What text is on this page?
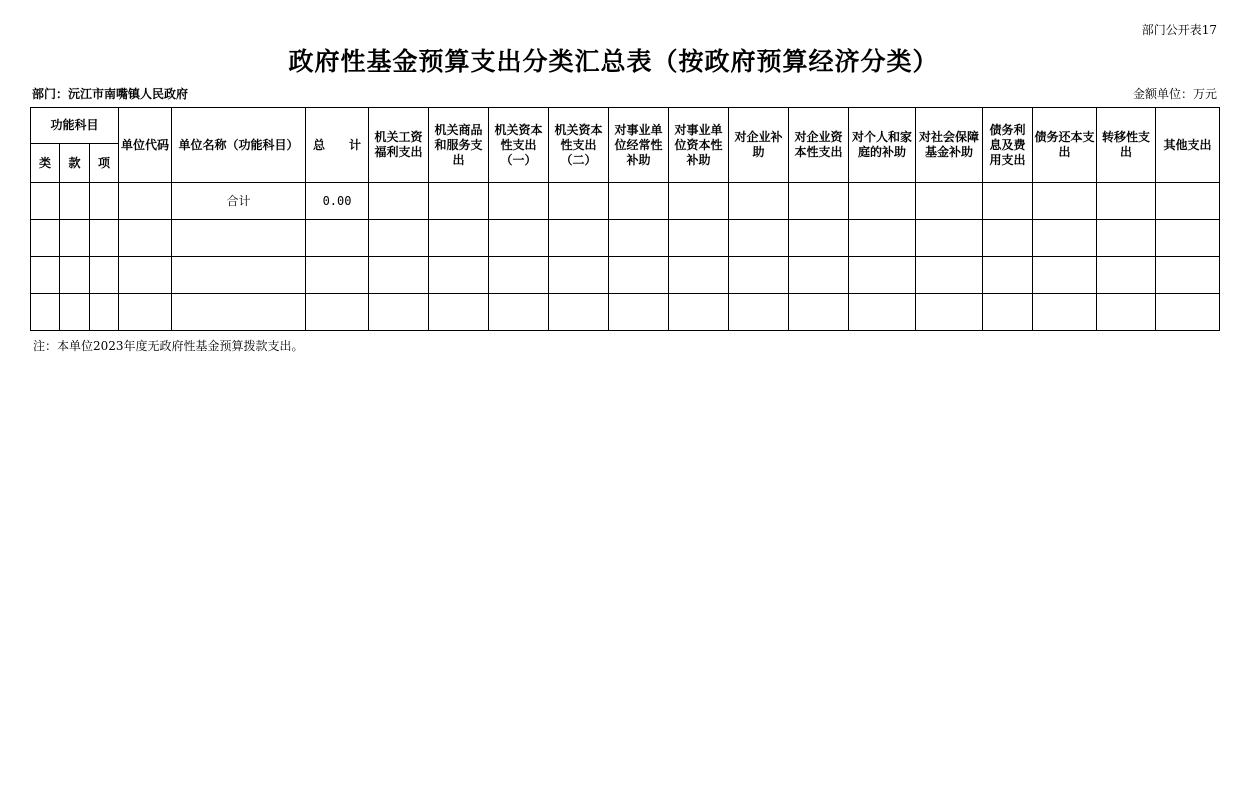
部门公开表17
政府性基金预算支出分类汇总表（按政府预算经济分类）
部门：沅江市南嘴镇人民政府	金额单位：万元
功能科目			单位代码	单位名称（功能科目）	总　　计	机关工资福利支出	机关商品和服务支出	机关资本性支出（一）	机关资本性支出（二）	对事业单位经常性补助	对事业单位资本性补助	对企业补助	对企业资本性支出	对个人和家庭的补助	对社会保障基金补助	债务利息及费用支出	债务还本支出	转移性支出	其他支出
类	款	项																	
				合计	0.00														

注：本单位2023年度无政府性基金预算拨款支出。
